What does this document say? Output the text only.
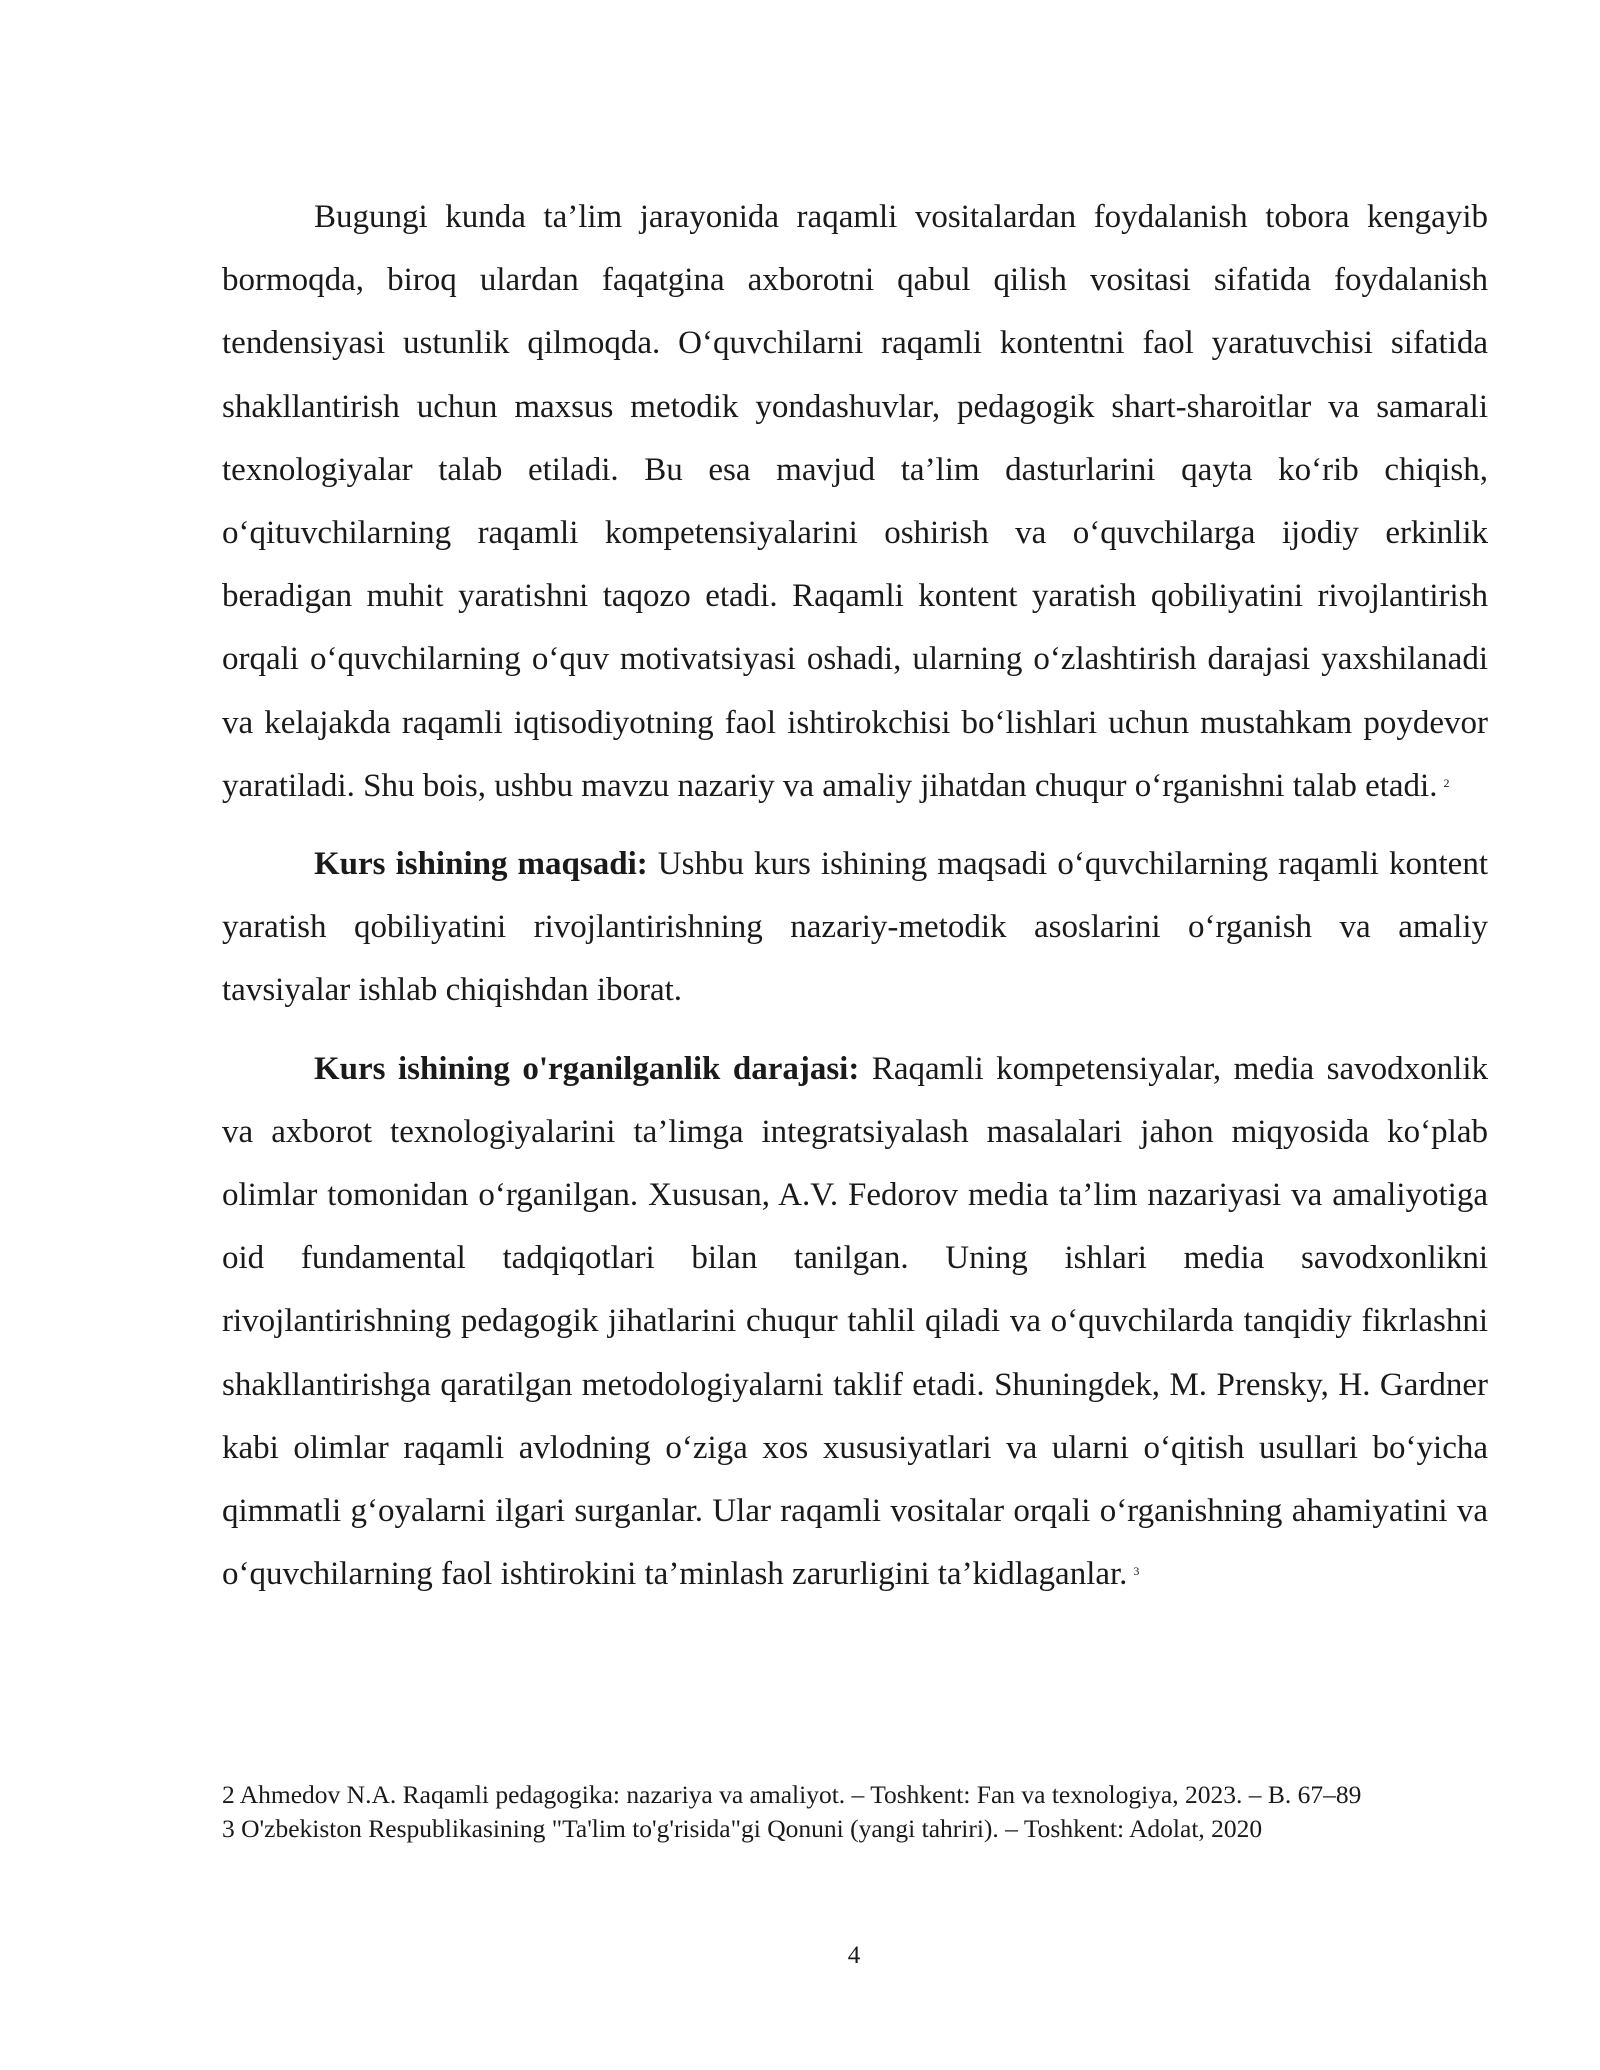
Bugungi kunda ta’lim jarayonida raqamli vositalardan foydalanish tobora kengayib bormoqda, biroq ulardan faqatgina axborotni qabul qilish vositasi sifatida foydalanish tendensiyasi ustunlik qilmoqda. O‘quvchilarni raqamli kontentni faol yaratuvchisi sifatida shakllantirish uchun maxsus metodik yondashuvlar, pedagogik shart-sharoitlar va samarali texnologiyalar talab etiladi. Bu esa mavjud ta’lim dasturlarini qayta ko‘rib chiqish, o‘qituvchilarning raqamli kompetensiyalarini oshirish va o‘quvchilarga ijodiy erkinlik beradigan muhit yaratishni taqozo etadi. Raqamli kontent yaratish qobiliyatini rivojlantirish orqali o‘quvchilarning o‘quv motivatsiyasi oshadi, ularning o‘zlashtirish darajasi yaxshilanadi va kelajakda raqamli iqtisodiyotning faol ishtirokchisi bo‘lishlari uchun mustahkam poydevor yaratiladi. Shu bois, ushbu mavzu nazariy va amaliy jihatdan chuqur o‘rganishni talab etadi. $^2$

Kurs ishining maqsadi: Ushbu kurs ishining maqsadi o‘quvchilarning raqamli kontent yaratish qobiliyatini rivojlantirishning nazariy-metodik asoslarini o‘rganish va amaliy tavsiyalar ishlab chiqishdan iborat.

Kurs ishining o'rganilganlik darajasi: Raqamli kompetensiyalar, media savodxonlik va axborot texnologiyalarini ta’limga integratsiyalash masalalari jahon miqyosida ko‘plab olimlar tomonidan o‘rganilgan. Xususan, A.V. Fedorov media ta’lim nazariyasi va amaliyotiga oid fundamental tadqiqotlari bilan tanilgan. Uning ishlari media savodxonlikni rivojlantirishning pedagogik jihatlarini chuqur tahlil qiladi va o‘quvchilarda tanqidiy fikrlashni shakllantirishga qaratilgan metodologiyalarni taklif etadi. Shuningdek, M. Prensky, H. Gardner kabi olimlar raqamli avlodning o‘ziga xos xususiyatlari va ularni o‘qitish usullari bo‘yicha qimmatli g‘oyalarni ilgari surganlar. Ular raqamli vositalar orqali o‘rganishning ahamiyatini va o‘quvchilarning faol ishtirokini ta’minlash zarurligini ta’kidlaganlar. $^3$

2 Ahmedov N.A. Raqamli pedagogika: nazariya va amaliyot. – Toshkent: Fan va texnologiya, 2023. – B. 67–89

3 O'zbekiston Respublikasining "Ta'lim to'g'risida"gi Qonuni (yangi tahriri). – Toshkent: Adolat, 2020

4
